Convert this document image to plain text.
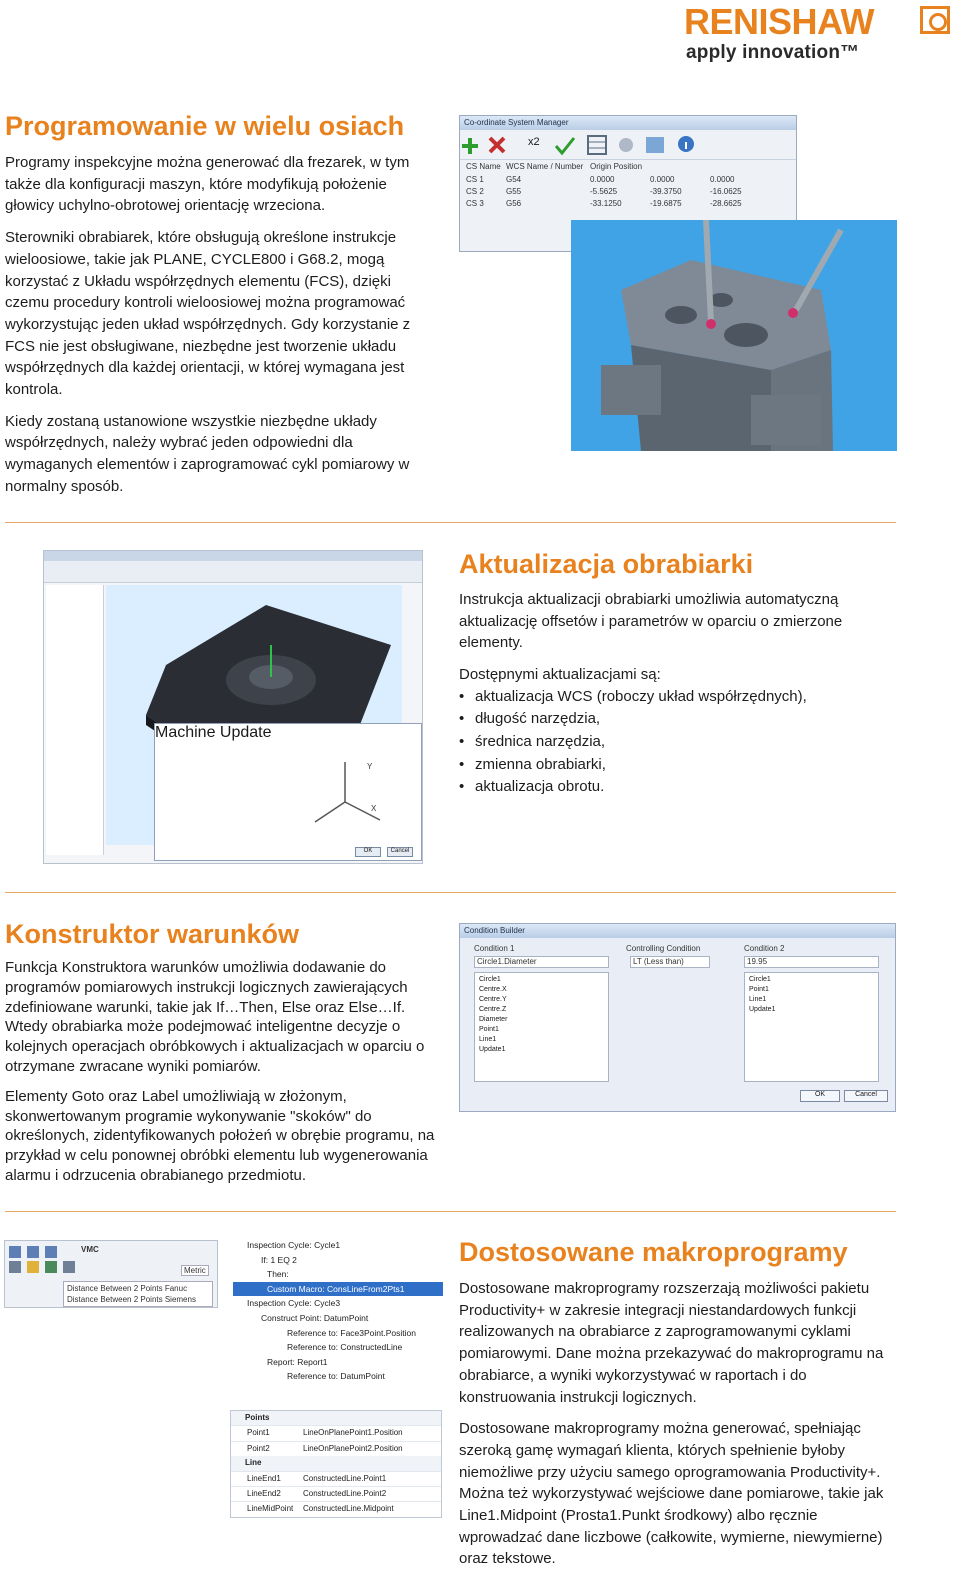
RENISHAW
apply innovation™
Programowanie w wielu osiach

Programy inspekcyjne można generować dla frezarek, w tym także dla konfiguracji maszyn, które modyfikują położenie głowicy uchylno-obrotowej orientację wrzeciona.

Sterowniki obrabiarek, które obsługują określone instrukcje wieloosiowe, takie jak PLANE, CYCLE800 i G68.2, mogą korzystać z Układu współrzędnych elementu (FCS), dzięki czemu procedury kontroli wieloosiowej można programować wykorzystując jeden układ współrzędnych. Gdy korzystanie z FCS nie jest obsługiwane, niezbędne jest tworzenie układu współrzędnych dla każdej orientacji, w której wymagana jest kontrola.

Kiedy zostaną ustanowione wszystkie niezbędne układy współrzędnych, należy wybrać jeden odpowiedni dla wymaganych elementów i zaprogramować cykl pomiarowy w normalny sposób.

Co-ordinate System Manager
x2
CS Name WCS Name / Number Origin Position
CS 1	G54	0.0000	0.0000	0.0000
CS 2	G55	-5.5625	-39.3750	-16.0625
CS 3	G56	-33.1250	-19.6875	-28.6625
Machine Update
Y
X
OK	Cancel
Aktualizacja obrabiarki

Instrukcja aktualizacji obrabiarki umożliwia automatyczną aktualizację offsetów i parametrów w oparciu o zmierzone elementy.

Dostępnymi aktualizacjami są:

• aktualizacja WCS (roboczy układ współrzędnych),
• długość narzędzia,
• średnica narzędzia,
• zmienna obrabiarki,
• aktualizacja obrotu.
Konstruktor warunków

Funkcja Konstruktora warunków umożliwia dodawanie do programów pomiarowych instrukcji logicznych zawierających zdefiniowane warunki, takie jak If…Then, Else oraz Else…If. Wtedy obrabiarka może podejmować inteligentne decyzje o kolejnych operacjach obróbkowych i aktualizacjach w oparciu o otrzymane zwracane wyniki pomiarów.

Elementy Goto oraz Label umożliwiają w złożonym, skonwertowanym programie wykonywanie "skoków" do określonych, zidentyfikowanych położeń w obrębie programu, na przykład w celu ponownej obróbki elementu lub wygenerowania alarmu i odrzucenia obrabianego przedmiotu.

Condition Builder
Condition 1	Controlling Condition	Condition 2
Circle1.Diameter	LT (Less than)	19.95
Circle1
Centre.X
Centre.Y
Centre.Z
Diameter
Point1
Line1
Update1
Circle1
Point1
Line1
Update1
OK	Cancel
VMC
Metric
Distance Between 2 Points Fanuc
Distance Between 2 Points Siemens
Inspection Cycle: Cycle1
If: 1 EQ 2
Then:
Custom Macro: ConsLineFrom2Pts1
Inspection Cycle: Cycle3
Construct Point: DatumPoint
Reference to: Face3Point.Position
Reference to: ConstructedLine
Report: Report1
Reference to: DatumPoint
Points
Point1	LineOnPlanePoint1.Position
Point2	LineOnPlanePoint2.Position
Line
LineEnd1	ConstructedLine.Point1
LineEnd2	ConstructedLine.Point2
LineMidPoint	ConstructedLine.Midpoint
Dostosowane makroprogramy

Dostosowane makroprogramy rozszerzają możliwości pakietu Productivity+ w zakresie integracji niestandardowych funkcji realizowanych na obrabiarce z zaprogramowanymi cyklami pomiarowymi. Dane można przekazywać do makroprogramu na obrabiarce, a wyniki wykorzystywać w raportach i do konstruowania instrukcji logicznych.

Dostosowane makroprogramy można generować, spełniając szeroką gamę wymagań klienta, których spełnienie byłoby niemożliwe przy użyciu samego oprogramowania Productivity+. Można też wykorzystywać wejściowe dane pomiarowe, takie jak Line1.Midpoint (Prosta1.Punkt środkowy) albo ręcznie wprowadzać dane liczbowe (całkowite, wymierne, niewymierne) oraz tekstowe.
